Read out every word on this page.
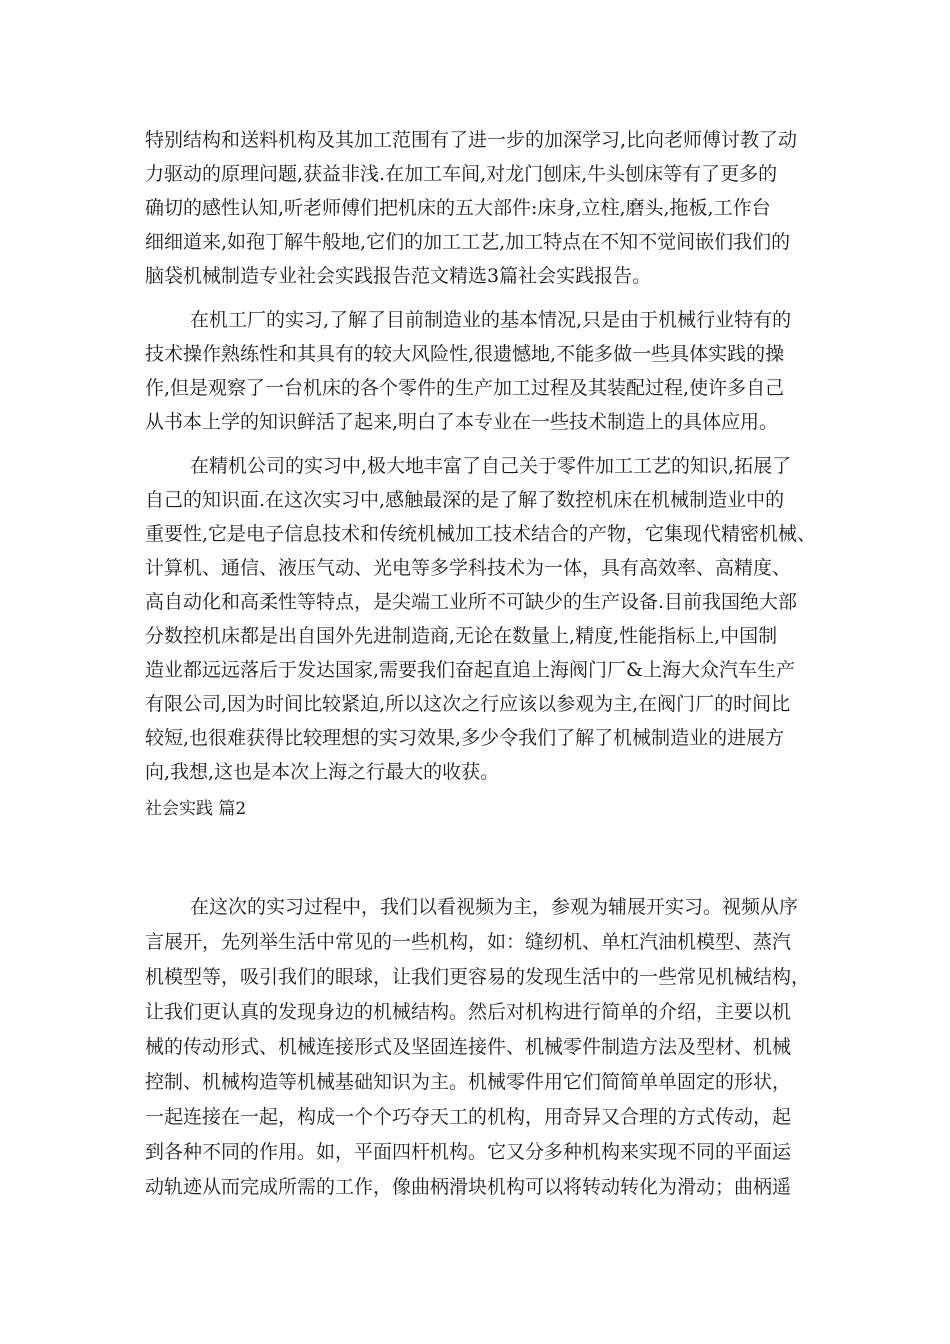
特别结构和送料机构及其加工范围有了进一步的加深学习,比向老师傅讨教了动
力驱动的原理问题,获益非浅.在加工车间,对龙门刨床,牛头刨床等有了更多的
确切的感性认知,听老师傅们把机床的五大部件:床身,立柱,磨头,拖板,工作台
细细道来,如孢丁解牛般地,它们的加工工艺,加工特点在不知不觉间嵌们我们的
脑袋机械制造专业社会实践报告范文精选3篇社会实践报告。
在机工厂的实习,了解了目前制造业的基本情况,只是由于机械行业特有的
技术操作熟练性和其具有的较大风险性,很遗憾地,不能多做一些具体实践的操
作,但是观察了一台机床的各个零件的生产加工过程及其装配过程,使许多自己
从书本上学的知识鲜活了起来,明白了本专业在一些技术制造上的具体应用。
在精机公司的实习中,极大地丰富了自己关于零件加工工艺的知识,拓展了
自己的知识面.在这次实习中,感触最深的是了解了数控机床在机械制造业中的
重要性,它是电子信息技术和传统机械加工技术结合的产物，它集现代精密机械、
计算机、通信、液压气动、光电等多学科技术为一体，具有高效率、高精度、
高自动化和高柔性等特点，是尖端工业所不可缺少的生产设备.目前我国绝大部
分数控机床都是出自国外先进制造商,无论在数量上,精度,性能指标上,中国制
造业都远远落后于发达国家,需要我们奋起直追上海阀门厂&上海大众汽车生产
有限公司,因为时间比较紧迫,所以这次之行应该以参观为主,在阀门厂的时间比
较短,也很难获得比较理想的实习效果,多少令我们了解了机械制造业的进展方
向,我想,这也是本次上海之行最大的收获。
社会实践 篇2
在这次的实习过程中，我们以看视频为主，参观为辅展开实习。视频从序
言展开，先列举生活中常见的一些机构，如：缝纫机、单杠汽油机模型、蒸汽
机模型等，吸引我们的眼球，让我们更容易的发现生活中的一些常见机械结构，
让我们更认真的发现身边的机械结构。然后对机构进行简单的介绍，主要以机
械的传动形式、机械连接形式及坚固连接件、机械零件制造方法及型材、机械
控制、机械构造等机械基础知识为主。机械零件用它们简简单单固定的形状，
一起连接在一起，构成一个个巧夺天工的机构，用奇异又合理的方式传动，起
到各种不同的作用。如，平面四杆机构。它又分多种机构来实现不同的平面运
动轨迹从而完成所需的工作，像曲柄滑块机构可以将转动转化为滑动；曲柄遥
